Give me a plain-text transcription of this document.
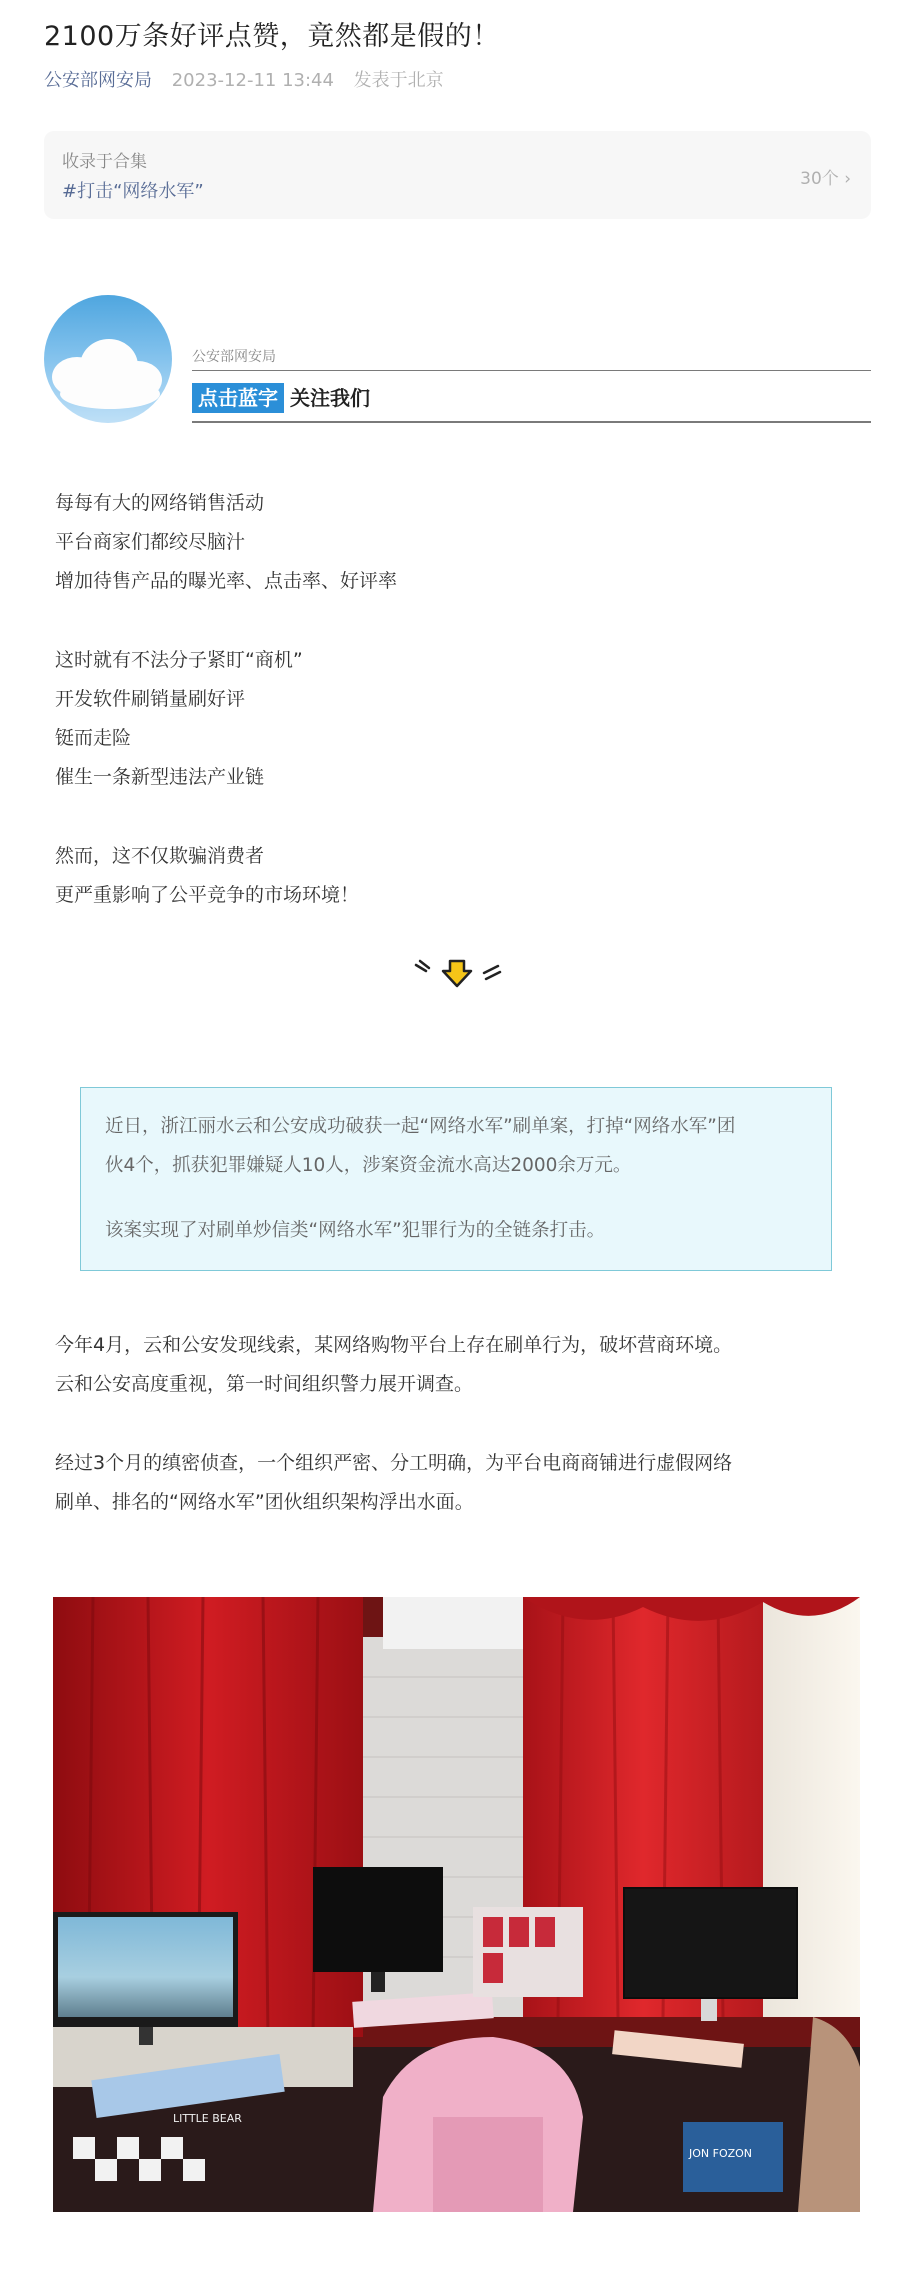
2100万条好评点赞，竟然都是假的！
公安部网安局 2023-12-11 13:44 发表于北京
收录于合集
#打击“网络水军”
30个 ›
公安部网安局
点击蓝字 关注我们
每每有大的网络销售活动
平台商家们都绞尽脑汁
增加待售产品的曝光率、点击率、好评率
这时就有不法分子紧盯“商机”
开发软件刷销量刷好评
铤而走险
催生一条新型违法产业链
然而，这不仅欺骗消费者
更严重影响了公平竞争的市场环境！
近日，浙江丽水云和公安成功破获一起“网络水军”刷单案，打掉“网络水军”团
伙4个，抓获犯罪嫌疑人10人，涉案资金流水高达2000余万元。
该案实现了对刷单炒信类“网络水军”犯罪行为的全链条打击。
今年4月，云和公安发现线索，某网络购物平台上存在刷单行为，破坏营商环境。
云和公安高度重视，第一时间组织警力展开调查。
经过3个月的缜密侦查，一个组织严密、分工明确，为平台电商商铺进行虚假网络
刷单、排名的“网络水军”团伙组织架构浮出水面。
JON FOZON
LITTLE BEAR
